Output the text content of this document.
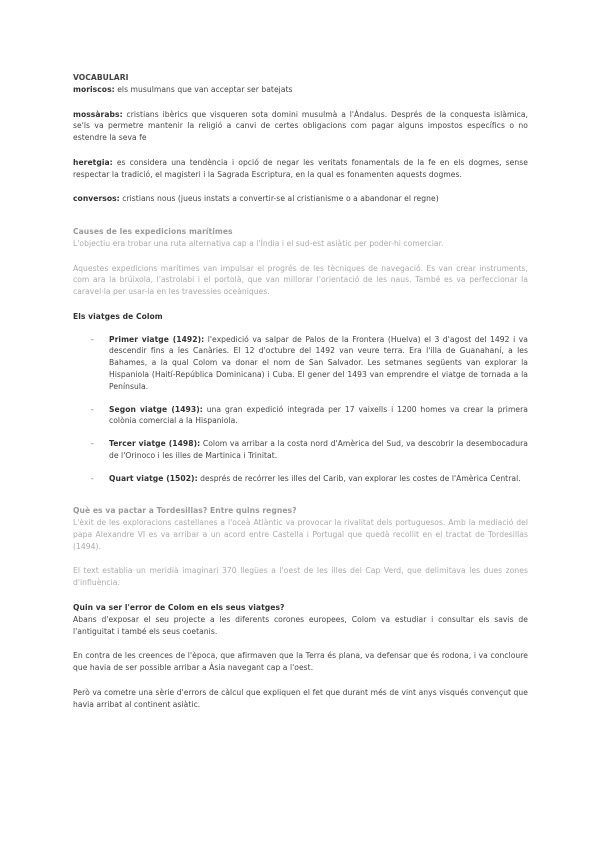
VOCABULARI

moriscos: els musulmans que van acceptar ser batejats

mossàrabs: cristians ibèrics que visqueren sota domini musulmà a l'Àndalus. Després de la conquesta islàmica, se'ls va permetre mantenir la religió a canvi de certes obligacions com pagar alguns impostos específics o no estendre la seva fe

heretgia: es considera una tendència i opció de negar les veritats fonamentals de la fe en els dogmes, sense respectar la tradició, el magisteri i la Sagrada Escriptura, en la qual es fonamenten aquests dogmes.

conversos: cristians nous (jueus instats a convertir-se al cristianisme o a abandonar el regne)

Causes de les expedicions marítimes

L'objectiu era trobar una ruta alternativa cap a l'Índia i el sud-est asiàtic per poder-hi comerciar.

Aquestes expedicions marítimes van impulsar el progrés de les tècniques de navegació. Es van crear instruments, com ara la brúixola, l'astrolabi i el portolà, que van millorar l'orientació de les naus. També es va perfeccionar la caravel·la per usar-la en les travessies oceàniques.

Els viatges de Colom

- Primer viatge (1492): l'expedició va salpar de Palos de la Frontera (Huelva) el 3 d'agost del 1492 i va descendir fins a les Canàries. El 12 d'octubre del 1492 van veure terra. Era l'illa de Guanahaní, a les Bahames, a la qual Colom va donar el nom de San Salvador. Les setmanes següents van explorar la Hispaniola (Haití-República Dominicana) i Cuba. El gener del 1493 van emprendre el viatge de tornada a la Península.
- Segon viatge (1493): una gran expedició integrada per 17 vaixells i 1200 homes va crear la primera colònia comercial a la Hispaniola.
- Tercer viatge (1498): Colom va arribar a la costa nord d'Amèrica del Sud, va descobrir la desembocadura de l'Orinoco i les illes de Martinica i Trinitat.
- Quart viatge (1502): després de recórrer les illes del Carib, van explorar les costes de l'Amèrica Central.

Què es va pactar a Tordesillas? Entre quins regnes?

L'èxit de les exploracions castellanes a l'oceà Atlàntic va provocar la rivalitat dels portuguesos. Amb la mediació del papa Alexandre VI es va arribar a un acord entre Castella i Portugal que quedà recollit en el tractat de Tordesillas (1494).

El text establia un meridià imaginari 370 llegües a l'oest de les illes del Cap Verd, que delimitava les dues zones d'influència.

Quin va ser l'error de Colom en els seus viatges?

Abans d'exposar el seu projecte a les diferents corones europees, Colom va estudiar i consultar els savis de l'antiguitat i també els seus coetanis.

En contra de les creences de l'època, que afirmaven que la Terra és plana, va defensar que és rodona, i va concloure que havia de ser possible arribar a Àsia navegant cap a l'oest.

Però va cometre una sèrie d'errors de càlcul que expliquen el fet que durant més de vint anys visqués convençut que havia arribat al continent asiàtic.
